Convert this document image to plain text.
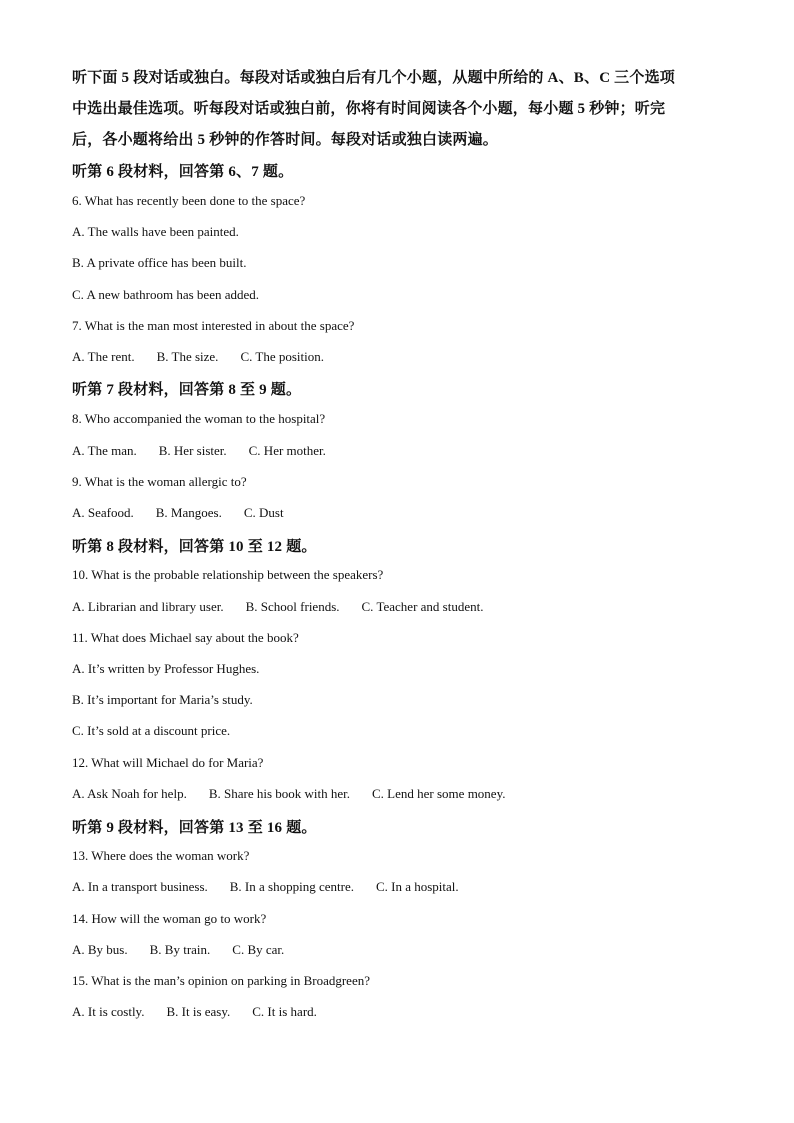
听下面 5 段对话或独白。每段对话或独白后有几个小题，从题中所给的 A、B、C 三个选项
中选出最佳选项。听每段对话或独白前，你将有时间阅读各个小题，每小题 5 秒钟；听完
后，各小题将给出 5 秒钟的作答时间。每段对话或独白读两遍。
听第 6 段材料，回答第 6、7 题。
6. What has recently been done to the space?
A. The walls have been painted.
B. A private office has been built.
C. A new bathroom has been added.
7. What is the man most interested in about the space?
A. The rent. B. The size. C. The position.
听第 7 段材料，回答第 8 至 9 题。
8. Who accompanied the woman to the hospital?
A. The man. B. Her sister. C. Her mother.
9. What is the woman allergic to?
A. Seafood. B. Mangoes. C. Dust
听第 8 段材料，回答第 10 至 12 题。
10. What is the probable relationship between the speakers?
A. Librarian and library user. B. School friends. C. Teacher and student.
11. What does Michael say about the book?
A. It’s written by Professor Hughes.
B. It’s important for Maria’s study.
C. It’s sold at a discount price.
12. What will Michael do for Maria?
A. Ask Noah for help. B. Share his book with her. C. Lend her some money.
听第 9 段材料，回答第 13 至 16 题。
13. Where does the woman work?
A. In a transport business. B. In a shopping centre. C. In a hospital.
14. How will the woman go to work?
A. By bus. B. By train. C. By car.
15. What is the man’s opinion on parking in Broadgreen?
A. It is costly. B. It is easy. C. It is hard.
